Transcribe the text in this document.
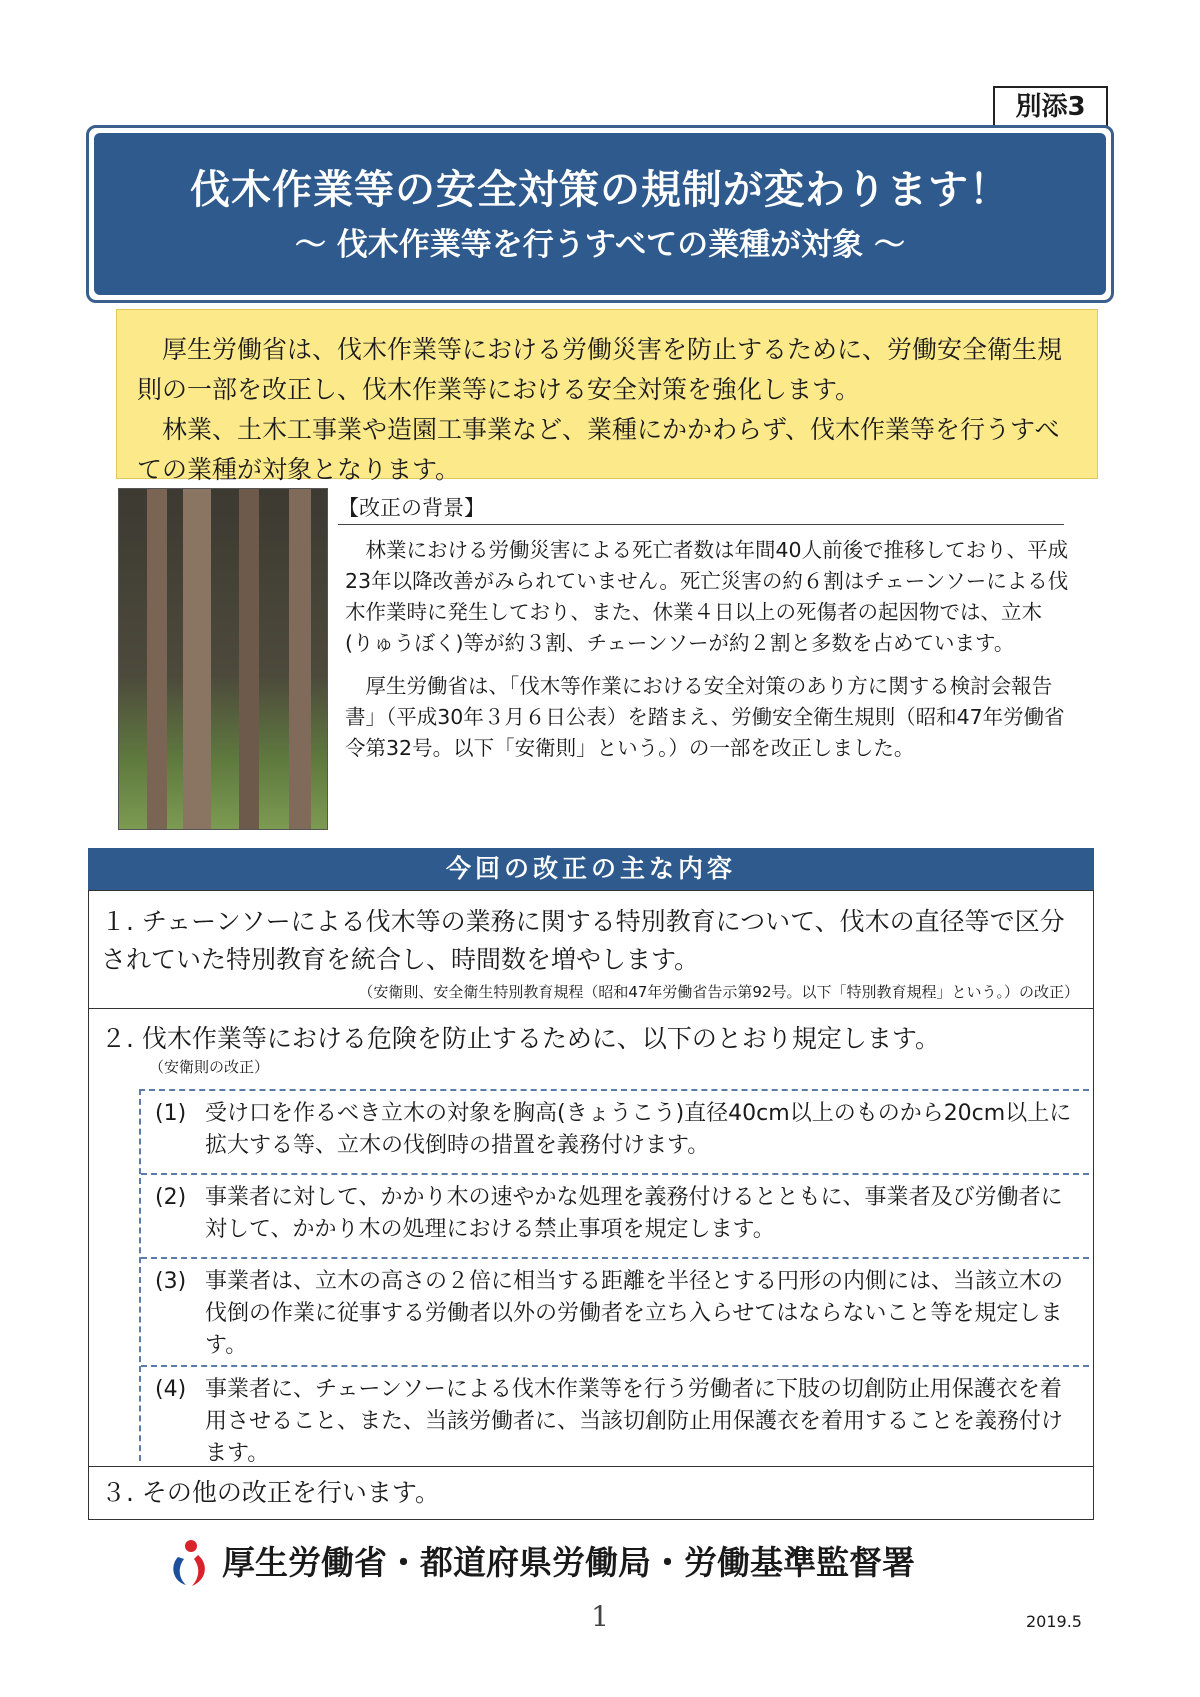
別添3
伐木作業等の安全対策の規制が変わります！
～ 伐木作業等を行うすべての業種が対象 ～

厚生労働省は、伐木作業等における労働災害を防止するために、労働安全衛生規則の一部を改正し、伐木作業等における安全対策を強化します。

林業、土木工事業や造園工事業など、業種にかかわらず、伐木作業等を行うすべての業種が対象となります。

【改正の背景】

林業における労働災害による死亡者数は年間40人前後で推移しており、平成23年以降改善がみられていません。死亡災害の約６割はチェーンソーによる伐木作業時に発生しており、また、休業４日以上の死傷者の起因物では、立木(りゅうぼく)等が約３割、チェーンソーが約２割と多数を占めています。

厚生労働省は、「伐木等作業における安全対策のあり方に関する検討会報告書」（平成30年３月６日公表）を踏まえ、労働安全衛生規則（昭和47年労働省令第32号。以下「安衛則」という。）の一部を改正しました。

今回の改正の主な内容
１. チェーンソーによる伐木等の業務に関する特別教育について、伐木の直径等で区分されていた特別教育を統合し、時間数を増やします。
（安衛則、安全衛生特別教育規程（昭和47年労働省告示第92号。以下「特別教育規程」という。）の改正）
２. 伐木作業等における危険を防止するために、以下のとおり規定します。
（安衛則の改正）
(1) 受け口を作るべき立木の対象を胸高(きょうこう)直径40cm以上のものから20cm以上に拡大する等、立木の伐倒時の措置を義務付けます。
(2) 事業者に対して、かかり木の速やかな処理を義務付けるとともに、事業者及び労働者に対して、かかり木の処理における禁止事項を規定します。
(3) 事業者は、立木の高さの２倍に相当する距離を半径とする円形の内側には、当該立木の伐倒の作業に従事する労働者以外の労働者を立ち入らせてはならないこと等を規定します。
(4) 事業者に、チェーンソーによる伐木作業等を行う労働者に下肢の切創防止用保護衣を着用させること、また、当該労働者に、当該切創防止用保護衣を着用することを義務付けます。
３. その他の改正を行います。
厚生労働省・都道府県労働局・労働基準監督署
1	2019.5
